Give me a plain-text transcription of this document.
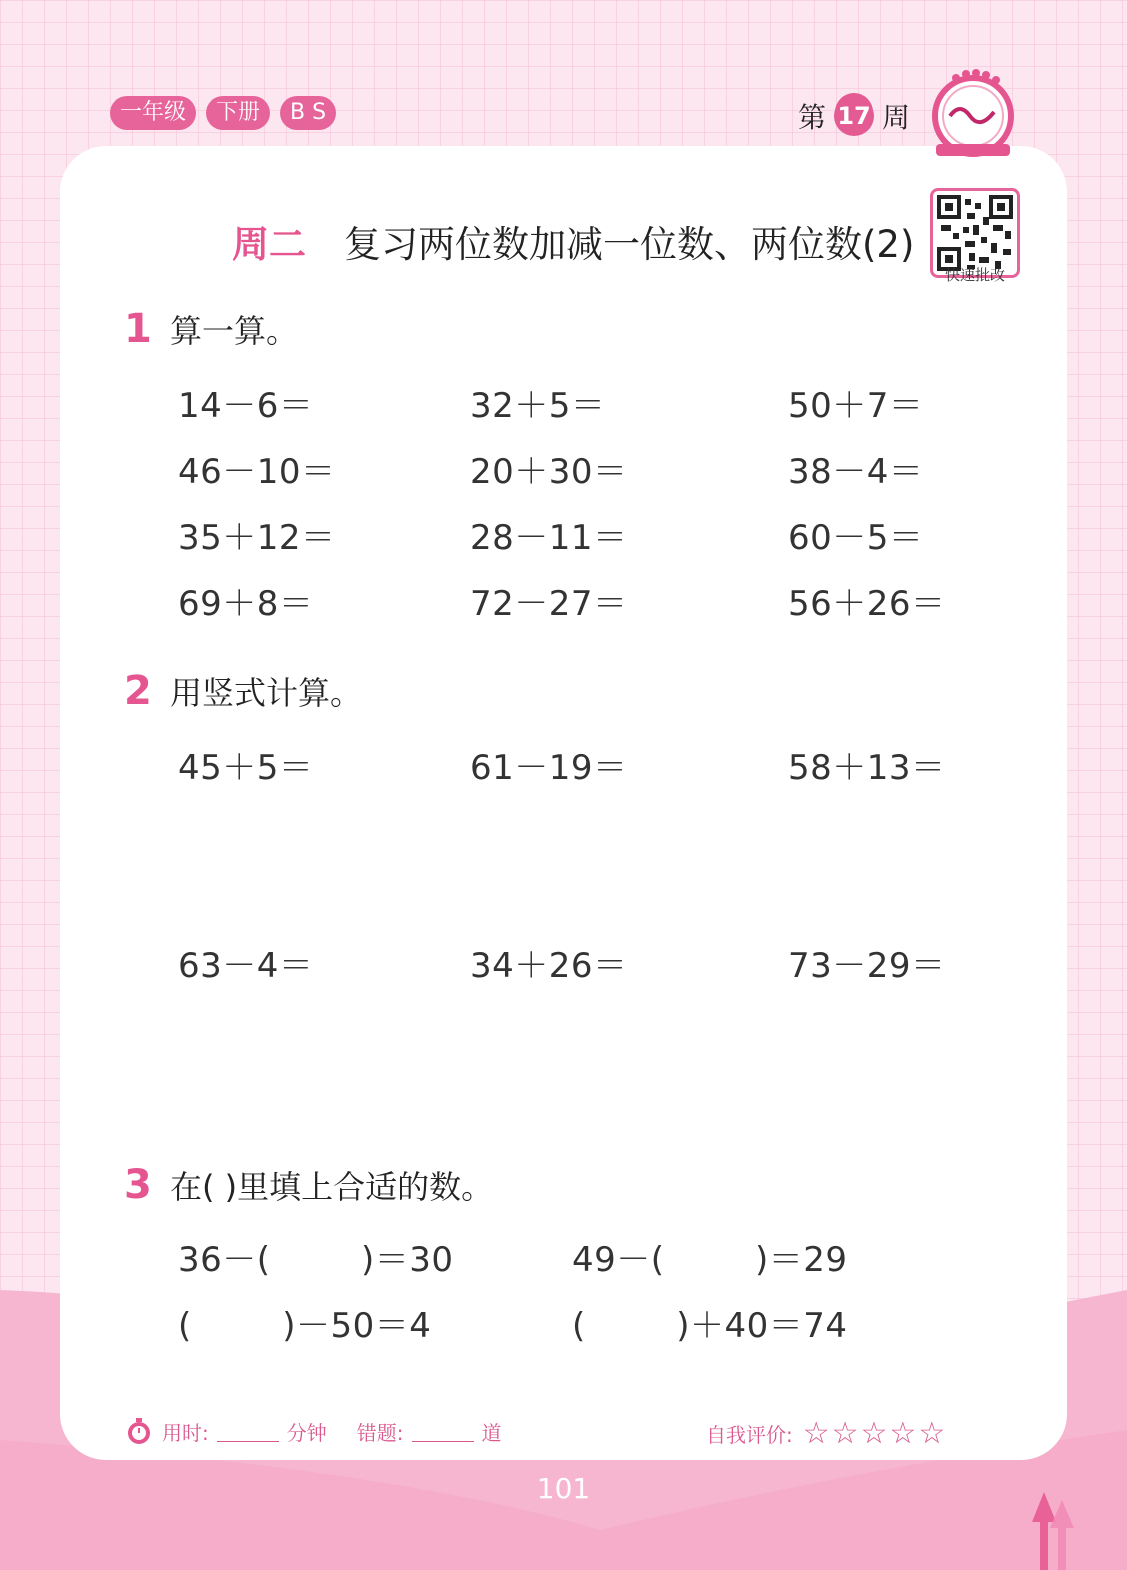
一年级	下册	B S	第 17 周
快速批改
周二 复习两位数加减一位数、两位数(2)
1 算一算。
14－6＝	32＋5＝	50＋7＝
46－10＝	20＋30＝	38－4＝
35＋12＝	28－11＝	60－5＝
69＋8＝	72－27＝	56＋26＝
2 用竖式计算。
45＋5＝	61－19＝	58＋13＝
63－4＝	34＋26＝	73－29＝
3 在( )里填上合适的数。
36－(        )＝30	49－(        )＝29
(        )－50＝4	(        )＋40＝74
用时:	分钟 错题:	道	自我评价: ☆☆☆☆☆
101
